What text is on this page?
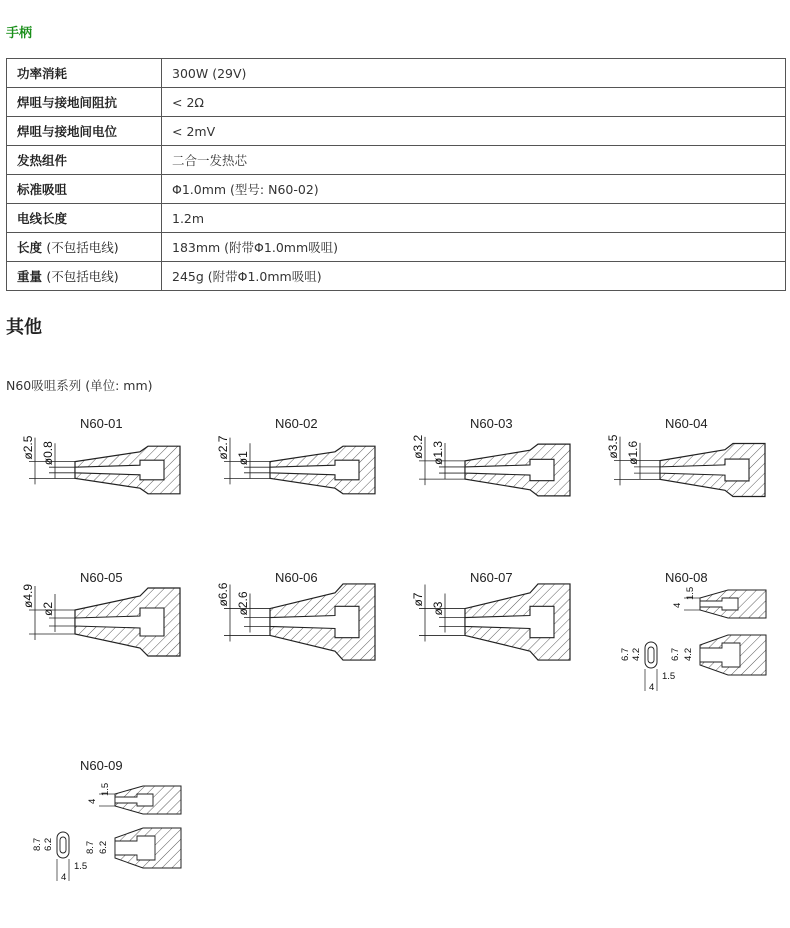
手柄
功率消耗	300W (29V)
焊咀与接地间阻抗	< 2Ω
焊咀与接地间电位	< 2mV
发热组件	二合一发热芯
标准吸咀	Φ1.0mm (型号: N60-02)
电线长度	1.2m
长度 (不包括电线)	183mm (附带Φ1.0mm吸咀)
重量 (不包括电线)	245g (附带Φ1.0mm吸咀)
其他
N60吸咀系列 (单位: mm)
N60-01
ø2.5 ø0.8
N60-02
ø2.7 ø1
N60-03
ø3.2 ø1.3
N60-04
ø3.5 ø1.6
N60-05
ø4.9
ø2
N60-06
ø6.6 ø2.6
N60-07
ø7
ø3
N60-08
4
1.5
6.7 4.2
6.7 4.2
4
1.5
N60-09
4
1.5
8.7 6.2
8.7 6.2
4
1.5
